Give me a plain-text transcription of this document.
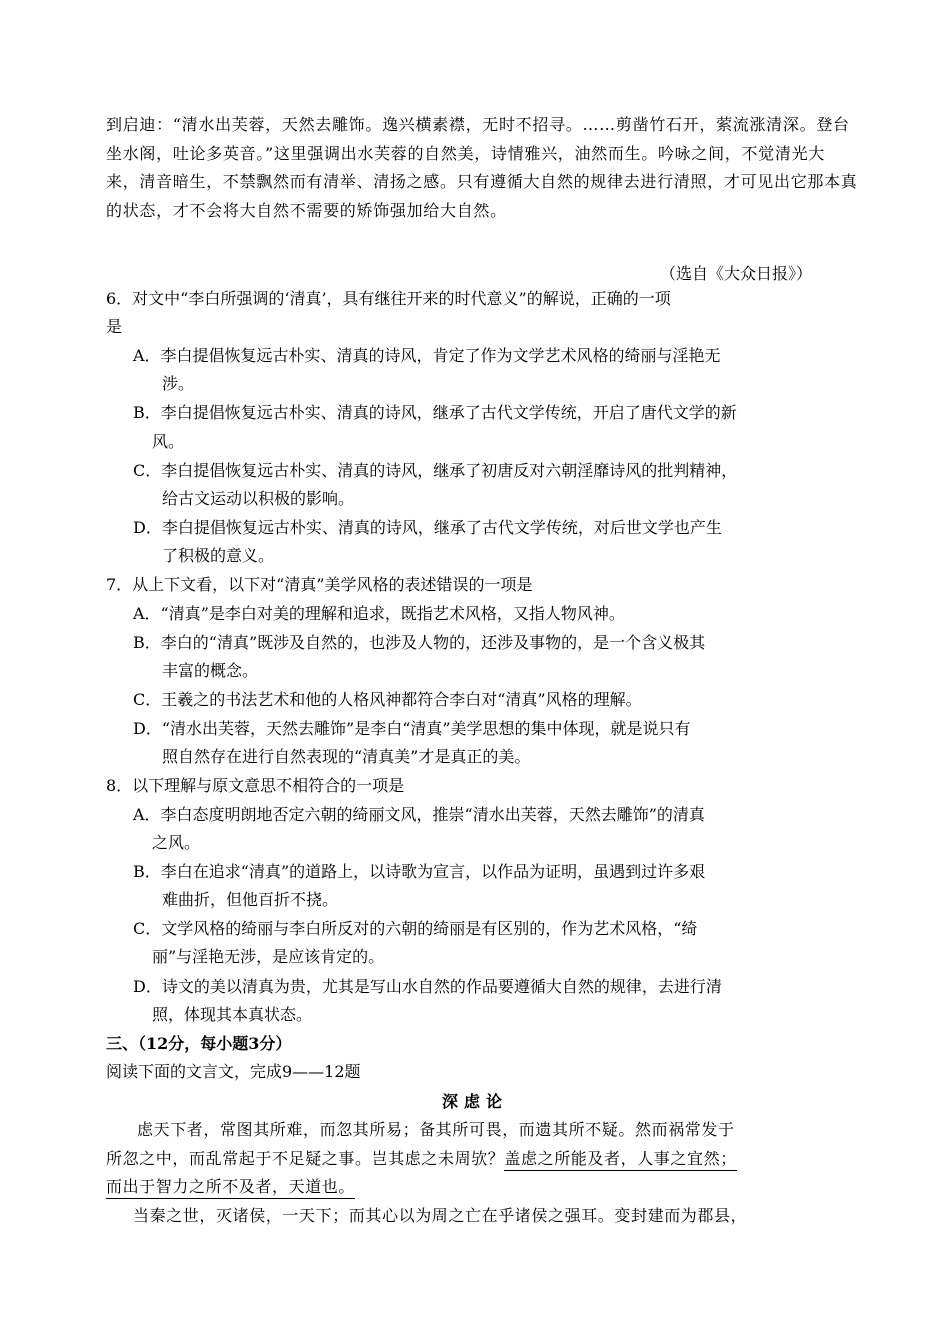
到启迪：“清水出芙蓉，天然去雕饰。逸兴横素襟，无时不招寻。……剪凿竹石开，萦流涨清深。登台坐水阁，吐论多英音。”这里强调出水芙蓉的自然美，诗情雅兴，油然而生。吟咏之间，不觉清光大来，清音暗生，不禁飘然而有清举、清扬之感。只有遵循大自然的规律去进行清照，才可见出它那本真的状态，才不会将大自然不需要的矫饰强加给大自然。

（选自《大众日报》）
6．对文中“李白所强调的‘清真’，具有继往开来的时代意义”的解说，正确的一项
是
A．李白提倡恢复远古朴实、清真的诗风，肯定了作为文学艺术风格的绮丽与淫艳无
涉。
B．李白提倡恢复远古朴实、清真的诗风，继承了古代文学传统，开启了唐代文学的新
风。
C．李白提倡恢复远古朴实、清真的诗风，继承了初唐反对六朝淫靡诗风的批判精神，
给古文运动以积极的影响。
D．李白提倡恢复远古朴实、清真的诗风，继承了古代文学传统，对后世文学也产生
了积极的意义。
7．从上下文看，以下对“清真”美学风格的表述错误的一项是
A．“清真”是李白对美的理解和追求，既指艺术风格，又指人物风神。
B．李白的“清真”既涉及自然的，也涉及人物的，还涉及事物的，是一个含义极其
丰富的概念。
C．王羲之的书法艺术和他的人格风神都符合李白对“清真”风格的理解。
D．“清水出芙蓉，天然去雕饰”是李白“清真”美学思想的集中体现，就是说只有
照自然存在进行自然表现的“清真美”才是真正的美。
8．以下理解与原文意思不相符合的一项是
A．李白态度明朗地否定六朝的绮丽文风，推崇“清水出芙蓉，天然去雕饰”的清真
之风。
B．李白在追求“清真”的道路上，以诗歌为宣言，以作品为证明，虽遇到过许多艰
难曲折，但他百折不挠。
C．文学风格的绮丽与李白所反对的六朝的绮丽是有区别的，作为艺术风格，“绮
丽”与淫艳无涉，是应该肯定的。
D．诗文的美以清真为贵，尤其是写山水自然的作品要遵循大自然的规律，去进行清
照，体现其本真状态。
三、（12分，每小题3分）
阅读下面的文言文，完成9——12题
深虑论
虑天下者，常图其所难，而忽其所易；备其所可畏，而遗其所不疑。然而祸常发于
所忽之中，而乱常起于不足疑之事。岂其虑之未周欤？盖虑之所能及者，人事之宜然；
而出于智力之所不及者，天道也。
当秦之世，灭诸侯，一天下；而其心以为周之亡在乎诸侯之强耳。变封建而为郡县，
